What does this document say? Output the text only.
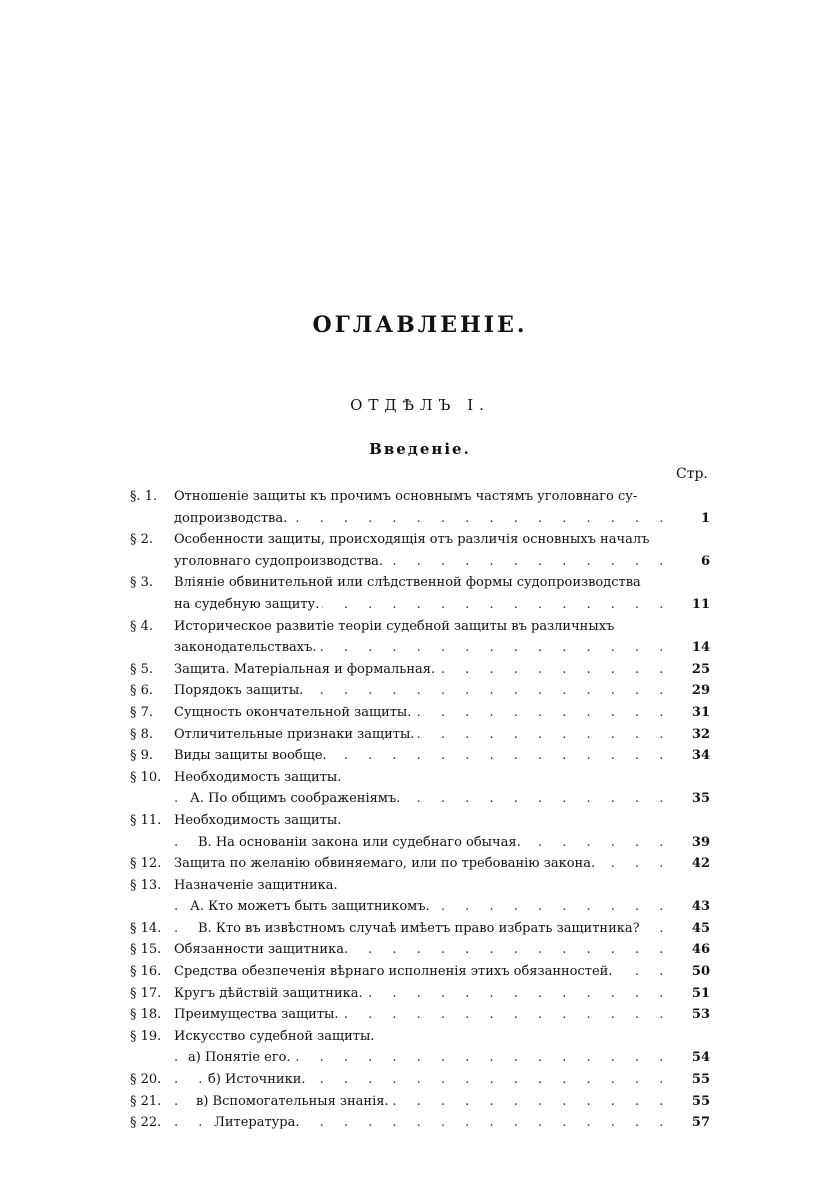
ОГЛАВЛЕНІЕ.
ОТДѢЛЪ I.
Введеніе.
Стр.
§. 1. Отношеніе защиты къ прочимъ основнымъ частямъ уголовнаго су-
допроизводства. . . .	1
§ 2. Особенности защиты, происходящія отъ различія основныхъ началъ
уголовнаго судопроизводства. . . .	6
§ 3. Вліяніе обвинительной или слѣдственной формы судопроизводства
на судебную защиту. . . .	11
§ 4. Историческое развитіе теоріи судебной защиты въ различныхъ
законодательствахъ. . . .	14
§ 5. Защита. Матеріальная и формальная. . . .	25
§ 6. Порядокъ защиты. . . .	29
§ 7. Сущность окончательной защиты. . . .	31
§ 8. Отличительные признаки защиты. . . .	32
§ 9. Виды защиты вообще. . . .	34
§ 10. Необходимость защиты.
А. По общимъ соображеніямъ. . . .	35
§ 11. Необходимость защиты.
В. На основаніи закона или судебнаго обычая. . . .	39
§ 12. Защита по желанію обвиняемаго, или по требованію закона. . . .	42
§ 13. Назначеніе защитника.
А. Кто можетъ быть защитникомъ. . . .	43
§ 14.	В. Кто въ извѣстномъ случаѣ имѣетъ право избрать защитника? . . .	45
§ 15. Обязанности защитника. . . .	46
§ 16. Средства обезпеченія вѣрнаго исполненія этихъ обязанностей. . . .	50
§ 17. Кругъ дѣйствій защитника. . . .	51
§ 18. Преимущества защиты. . . .	53
§ 19. Искусство судебной защиты.
а) Понятіе его. . . .	54
§ 20.	б) Источники. . . .	55
§ 21.	в) Вспомогательныя знанія. . . .	55
§ 22.	Литература. . . .	57
